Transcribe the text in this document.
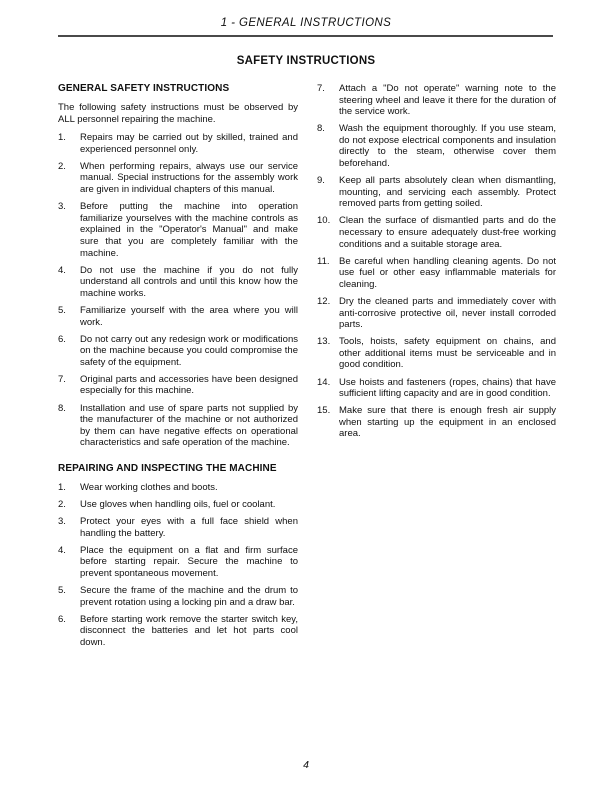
1 - GENERAL INSTRUCTIONS
SAFETY INSTRUCTIONS
GENERAL SAFETY INSTRUCTIONS

The following safety instructions must be observed by ALL personnel repairing the machine.

1.	Repairs may be carried out by skilled, trained and experienced personnel only.
2.	When performing repairs, always use our service manual. Special instructions for the assembly work are given in individual chapters of this manual.
3.	Before putting the machine into operation familiarize yourselves with the machine controls as explained in the "Operator's Manual" and make sure that you are completely familiar with the machine.
4.	Do not use the machine if you do not fully understand all controls and until this know how the machine works.
5.	Familiarize yourself with the area where you will work.
6.	Do not carry out any redesign work or modifications on the machine because you could compromise the safety of the equipment.
7.	Original parts and accessories have been designed especially for this machine.
8.	Installation and use of spare parts not supplied by the manufacturer of the machine or not authorized by them can have negative effects on operational characteristics and safe operation of the machine.
REPAIRING AND INSPECTING THE MACHINE
1.	Wear working clothes and boots.
2.	Use gloves when handling oils, fuel or coolant.
3.	Protect your eyes with a full face shield when handling the battery.
4.	Place the equipment on a flat and firm surface before starting repair. Secure the machine to prevent spontaneous movement.
5.	Secure the frame of the machine and the drum to prevent rotation using a locking pin and a draw bar.
6.	Before starting work remove the starter switch key, disconnect the batteries and let hot parts cool down.
7.	Attach a "Do not operate" warning note to the steering wheel and leave it there for the duration of the service work.
8.	Wash the equipment thoroughly. If you use steam, do not expose electrical components and insulation directly to the steam, otherwise cover them beforehand.
9.	Keep all parts absolutely clean when dismantling, mounting, and servicing each assembly. Protect removed parts from getting soiled.
10. Clean the surface of dismantled parts and do the necessary to ensure adequately dust-free working conditions and a suitable storage area.
11. Be careful when handling cleaning agents. Do not use fuel or other easy inflammable materials for cleaning.
12. Dry the cleaned parts and immediately cover with anti-corrosive protective oil, never install corroded parts.
13. Tools, hoists, safety equipment on chains, and other additional items must be serviceable and in good condition.
14. Use hoists and fasteners (ropes, chains) that have sufficient lifting capacity and are in good condition.
15. Make sure that there is enough fresh air supply when starting up the equipment in an enclosed area.
4
